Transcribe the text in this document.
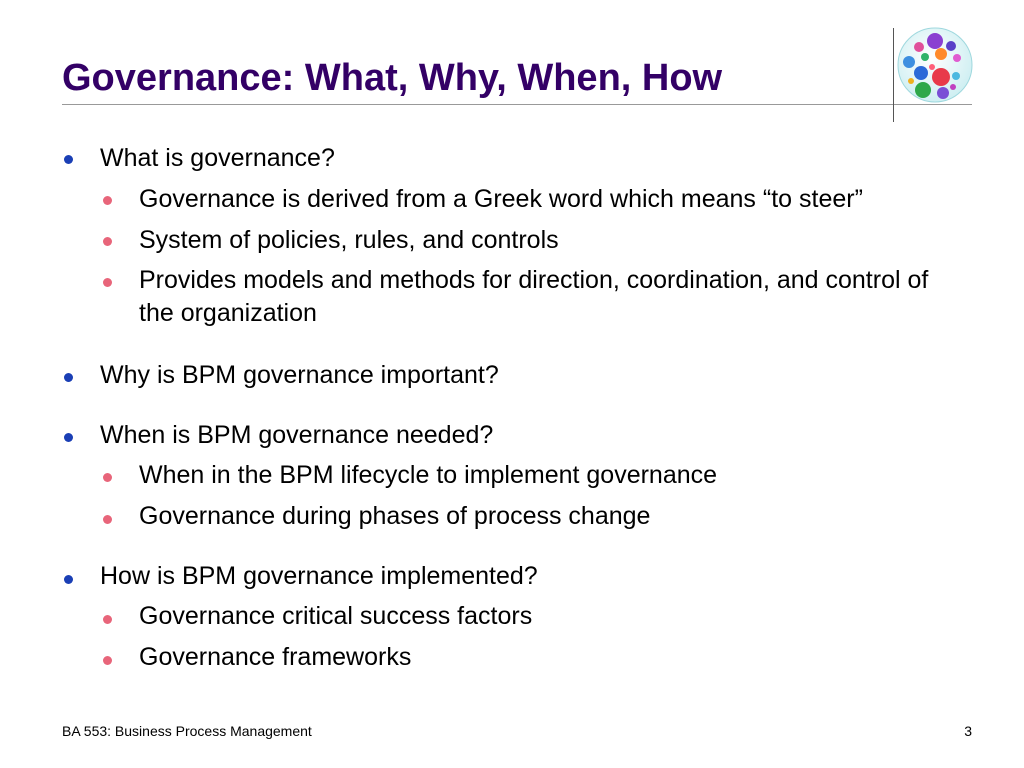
Governance: What, Why, When, How
What is governance?
Governance is derived from a Greek word which means “to steer”
System of policies, rules, and controls
Provides models and methods for direction, coordination, and control of the organization
Why is BPM governance important?
When is BPM governance needed?
When in the BPM lifecycle to implement governance
Governance during phases of process change
How is BPM governance implemented?
Governance critical success factors
Governance frameworks
BA 553: Business Process Management	3
